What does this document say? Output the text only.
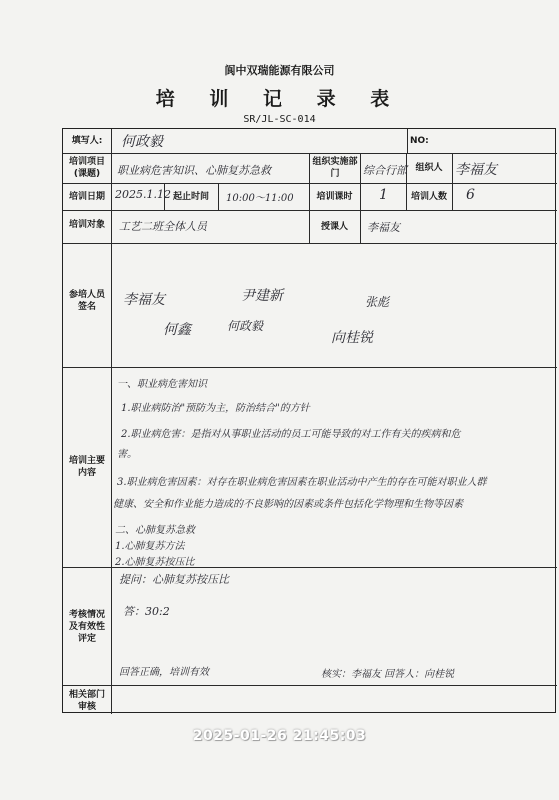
阆中双瑞能源有限公司
培 训 记 录 表
SR/JL-SC-014
填写人:	何政毅	NO:
培训项目(课题)	职业病危害知识、心肺复苏急救
组织实施部 门	综合行部 组织人 李福友
培训日期 2025.1.12 起止时间	10:00～11:00	培训课时	1	培训人数	6
培训对象	工艺二班全体人员	授课人	李福友
参培人员签名	李福友	尹建新	张彪
何鑫	何政毅
向桂锐
培训主要内容
一、职业病危害知识
1.职业病防治"预防为主，防治结合"的方针
2.职业病危害：是指对从事职业活动的员工可能导致的对工作有关的疾病和危
害。
3.职业病危害因素：对存在职业病危害因素在职业活动中产生的存在可能对职业人群
健康、安全和作业能力造成的不良影响的因素或条件包括化学物理和生物等因素
二、心肺复苏急救
1.心肺复苏方法
2.心肺复苏按压比
考核情况及有效性评定
提问：心肺复苏按压比
答：30:2
回答正确，培训有效	核实：李福友 回答人：向桂锐
相关部门审核
2025-01-26 21:45:03
